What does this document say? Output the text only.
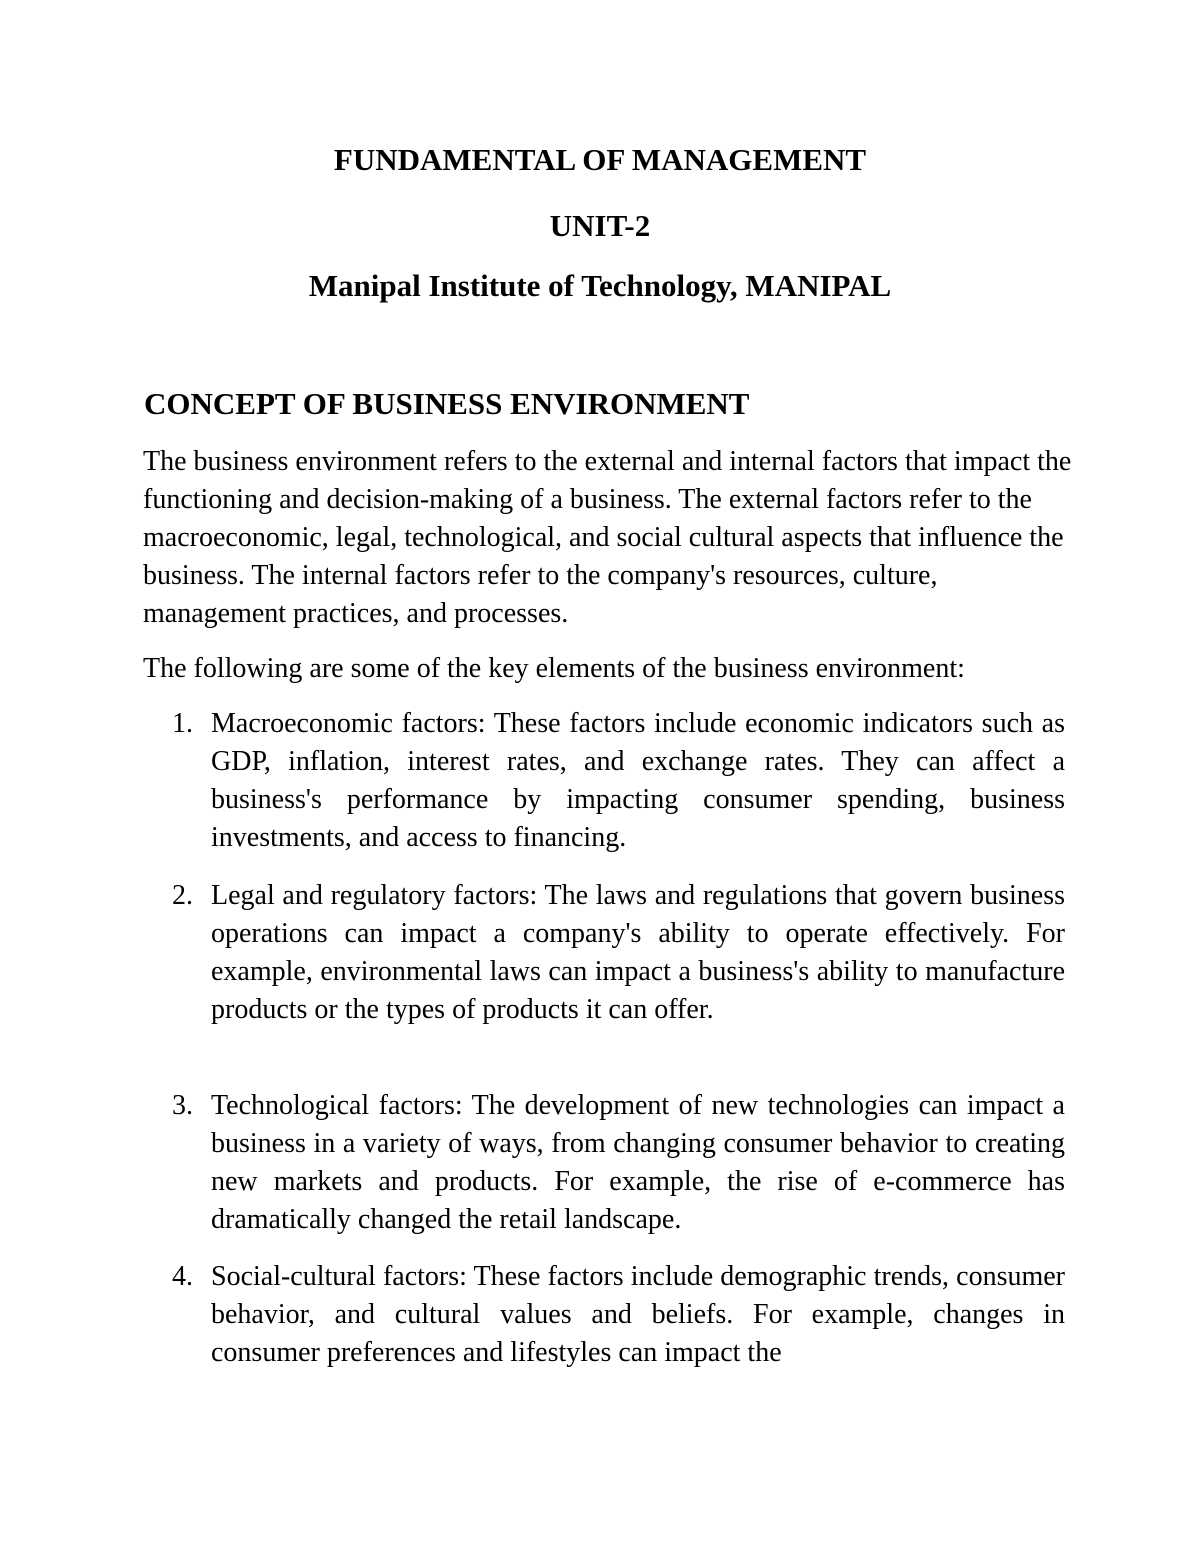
FUNDAMENTAL OF MANAGEMENT
UNIT-2
Manipal Institute of Technology, MANIPAL
CONCEPT OF BUSINESS ENVIRONMENT

The business environment refers to the external and internal factors that impact the functioning and decision-making of a business. The external factors refer to the macroeconomic, legal, technological, and social cultural aspects that influence the business. The internal factors refer to the company's resources, culture, management practices, and processes.

The following are some of the key elements of the business environment:

1. Macroeconomic factors: These factors include economic indicators such as GDP, inflation, interest rates, and exchange rates. They can affect a business's performance by impacting consumer spending, business investments, and access to financing.
2. Legal and regulatory factors: The laws and regulations that govern business operations can impact a company's ability to operate effectively. For example, environmental laws can impact a business's ability to manufacture products or the types of products it can offer.
3. Technological factors: The development of new technologies can impact a business in a variety of ways, from changing consumer behavior to creating new markets and products. For example, the rise of e-commerce has dramatically changed the retail landscape.
4. Social-cultural factors: These factors include demographic trends, consumer behavior, and cultural values and beliefs. For example, changes in consumer preferences and lifestyles can impact the
